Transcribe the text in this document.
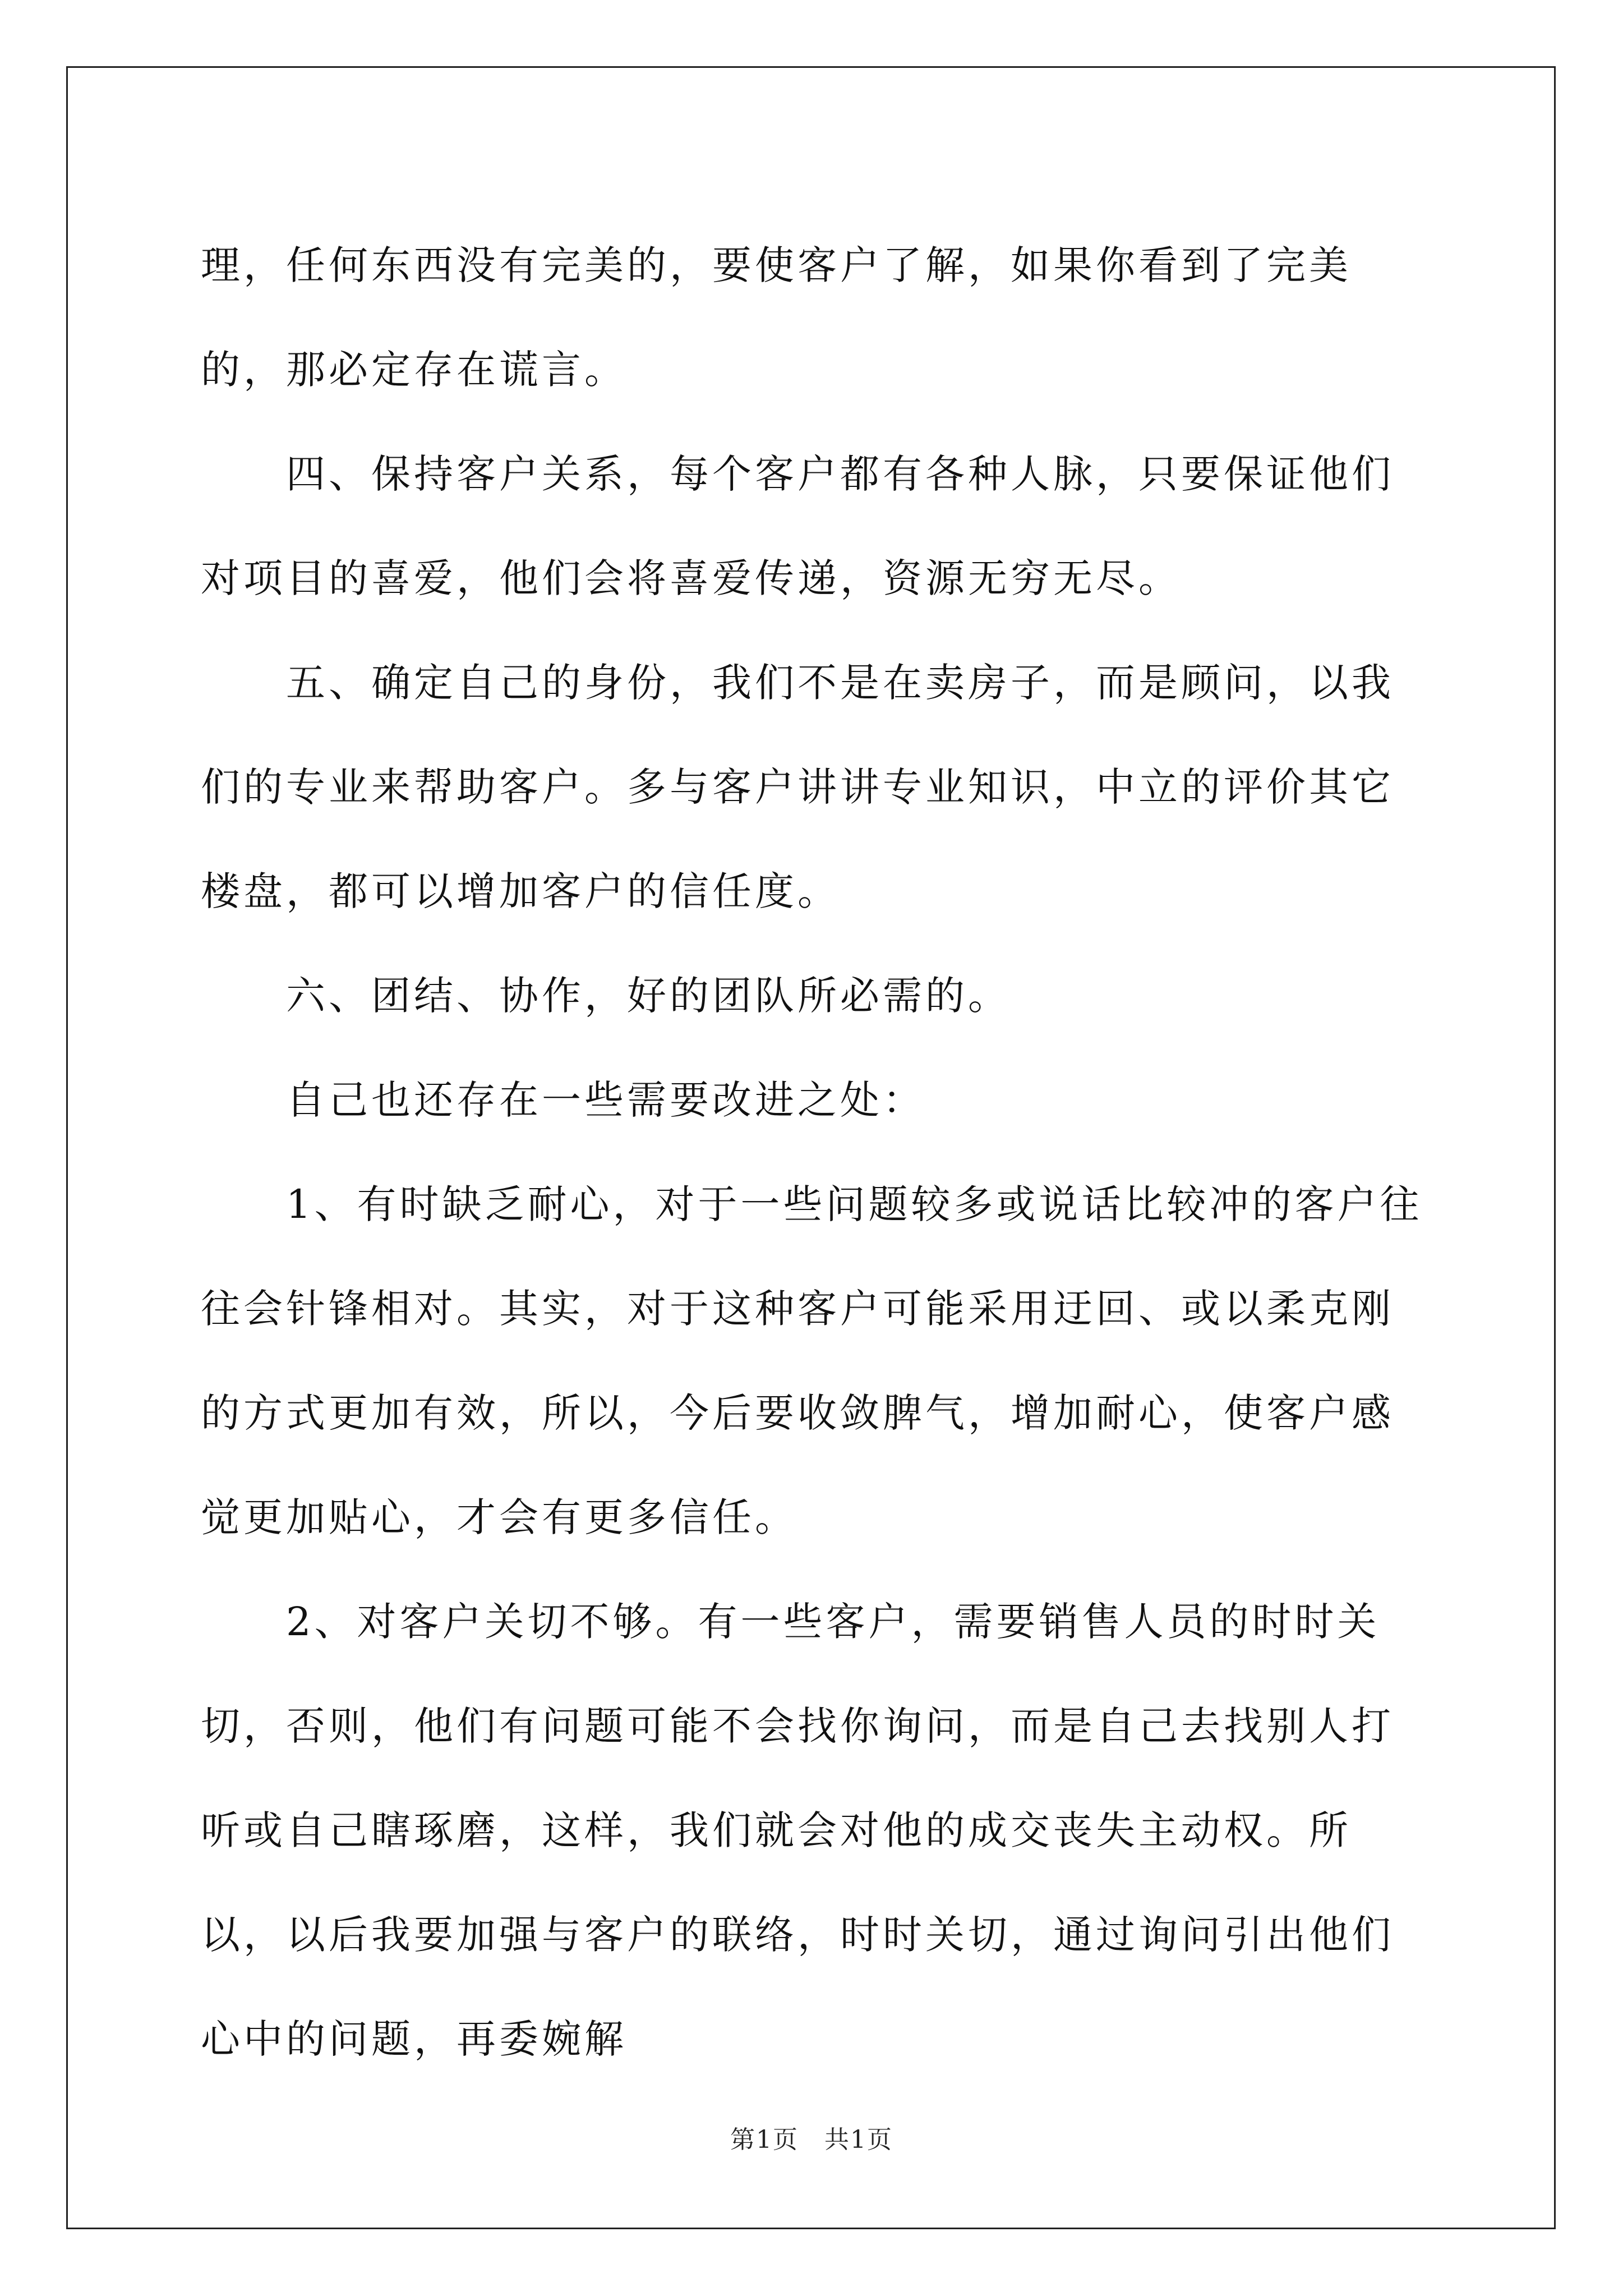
理，任何东西没有完美的，要使客户了解，如果你看到了完美的，那必定存在谎言。

四、保持客户关系，每个客户都有各种人脉，只要保证他们对项目的喜爱，他们会将喜爱传递，资源无穷无尽。

五、确定自己的身份，我们不是在卖房子，而是顾问，以我们的专业来帮助客户。多与客户讲讲专业知识，中立的评价其它楼盘，都可以增加客户的信任度。

六、团结、协作，好的团队所必需的。

自己也还存在一些需要改进之处：

1、有时缺乏耐心，对于一些问题较多或说话比较冲的客户往往会针锋相对。其实，对于这种客户可能采用迂回、或以柔克刚的方式更加有效，所以，今后要收敛脾气，增加耐心，使客户感觉更加贴心，才会有更多信任。

2、对客户关切不够。有一些客户，需要销售人员的时时关切，否则，他们有问题可能不会找你询问，而是自己去找别人打听或自己瞎琢磨，这样，我们就会对他的成交丧失主动权。所以，以后我要加强与客户的联络，时时关切，通过询问引出他们心中的问题，再委婉解

第1页　共1页
